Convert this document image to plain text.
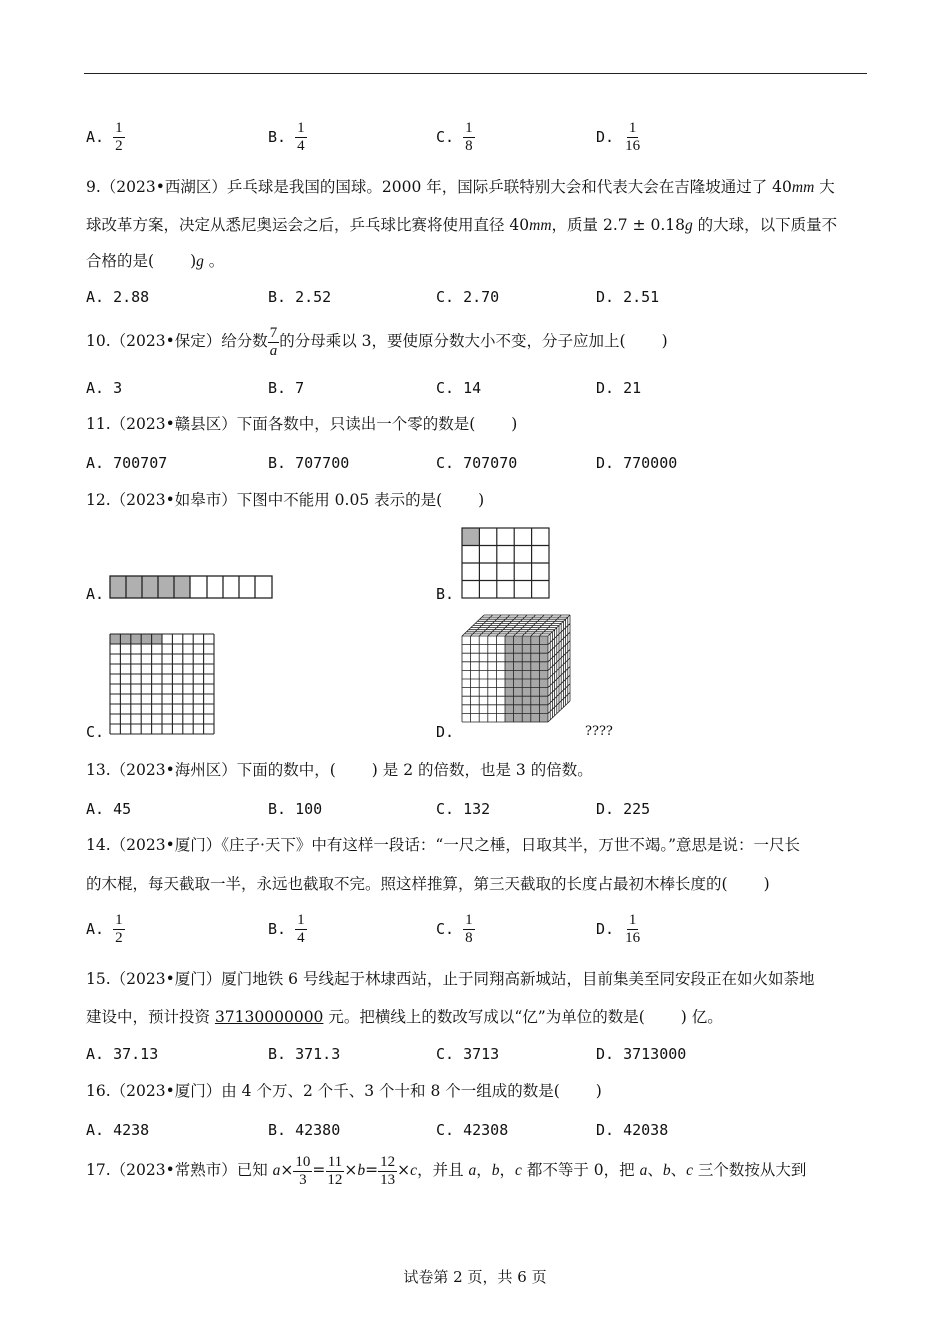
A. $\frac{1}{2}$	B. $\frac{1}{4}$	C. $\frac{1}{8}$	D. $\frac{1}{16}$
9.（2023•西湖区）乒乓球是我国的国球。2000 年，国际乒联特别大会和代表大会在吉隆坡通过了 40mm 大
球改革方案，决定从悉尼奥运会之后，乒乓球比赛将使用直径 40mm，质量 2.7 ± 0.18g 的大球，以下质量不
合格的是( )g 。
A. 2.88	B. 2.52	C. 2.70	D. 2.51
10.（2023•保定）给分数 $\frac{7}{a}$ 的分母乘以 3，要使原分数大小不变，分子应加上( )
A. 3	B. 7	C. 14	D. 21
11.（2023•赣县区）下面各数中，只读出一个零的数是( )
A. 700707	B. 707700	C. 707070	D. 770000
12.（2023•如皋市）下图中不能用 0.05 表示的是( )
A.	B.
C.	D.	????
13.（2023•海州区）下面的数中，( ) 是 2 的倍数，也是 3 的倍数。
A. 45	B. 100	C. 132	D. 225
14.（2023•厦门）《庄子·天下》中有这样一段话：“一尺之棰，日取其半，万世不竭。”意思是说：一尺长
的木棍，每天截取一半，永远也截取不完。照这样推算，第三天截取的长度占最初木棒长度的( )
A. $\frac{1}{2}$	B. $\frac{1}{4}$	C. $\frac{1}{8}$	D. $\frac{1}{16}$
15.（2023•厦门）厦门地铁 6 号线起于林埭西站，止于同翔高新城站，目前集美至同安段正在如火如荼地
建设中，预计投资 37130000000 元。把横线上的数改写成以“亿”为单位的数是( ) 亿。
A. 37.13	B. 371.3	C. 3713	D. 3713000
16.（2023•厦门）由 4 个万、2 个千、3 个十和 8 个一组成的数是( )
A. 4238	B. 42380	C. 42308	D. 42038
17.（2023•常熟市）已知 $a\times \frac{10}{3} = \frac{11}{12} \times b= \frac{12}{13} \times c$，并且 a，b，c 都不等于 0，把 a、b、c 三个数按从大到
试卷第 2 页，共 6 页
